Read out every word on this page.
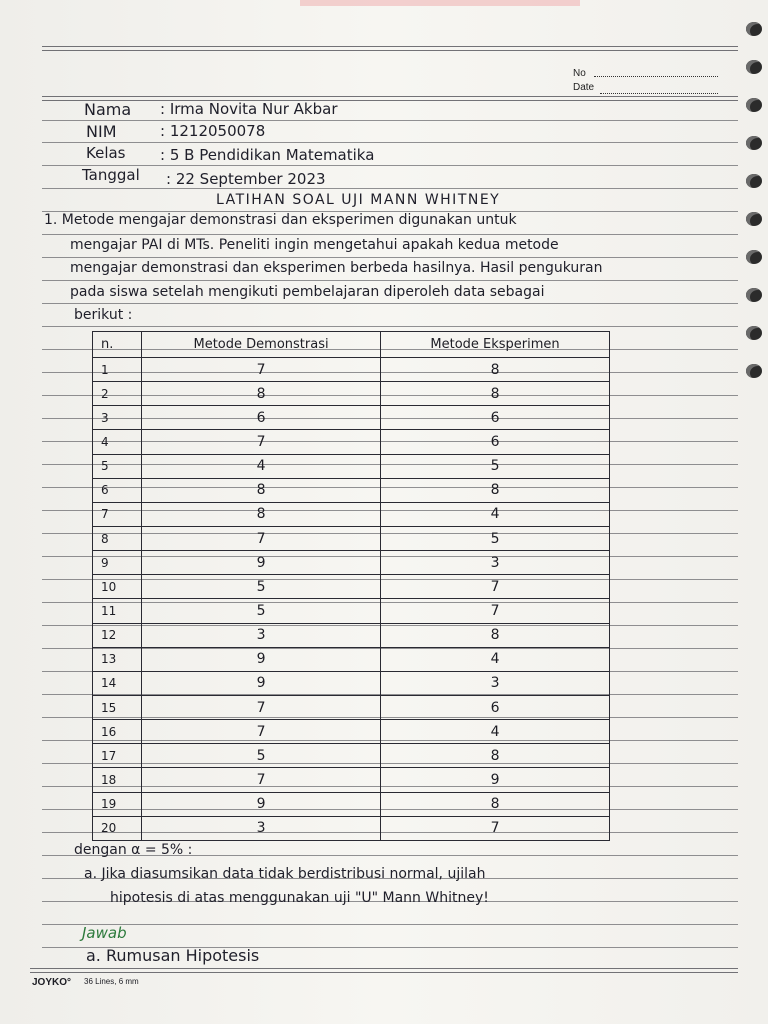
No
Date
Nama : Irma Novita Nur Akbar
NIM	: 1212050078
Kelas : 5 B Pendidikan Matematika
Tanggal : 22 September 2023
LATIHAN SOAL UJI MANN WHITNEY
1. Metode mengajar demonstrasi dan eksperimen digunakan untuk
mengajar PAI di MTs. Peneliti ingin mengetahui apakah kedua metode
mengajar demonstrasi dan eksperimen berbeda hasilnya. Hasil pengukuran
pada siswa setelah mengikuti pembelajaran diperoleh data sebagai
berikut :
n.	Metode Demonstrasi	Metode Eksperimen
1	7	8
2	8	8
3	6	6
4	7	6
5	4	5
6	8	8
7	8	4
8	7	5
9	9	3
10	5	7
11	5	7
12	3	8
13	9	4
14	9	3
15	7	6
16	7	4
17	5	8
18	7	9
19	9	8
20	3	7
dengan α = 5% :
a. Jika diasumsikan data tidak berdistribusi normal, ujilah
hipotesis di atas menggunakan uji "U" Mann Whitney!
Jawab
a. Rumusan Hipotesis
JOYKO° 36 Lines, 6 mm
